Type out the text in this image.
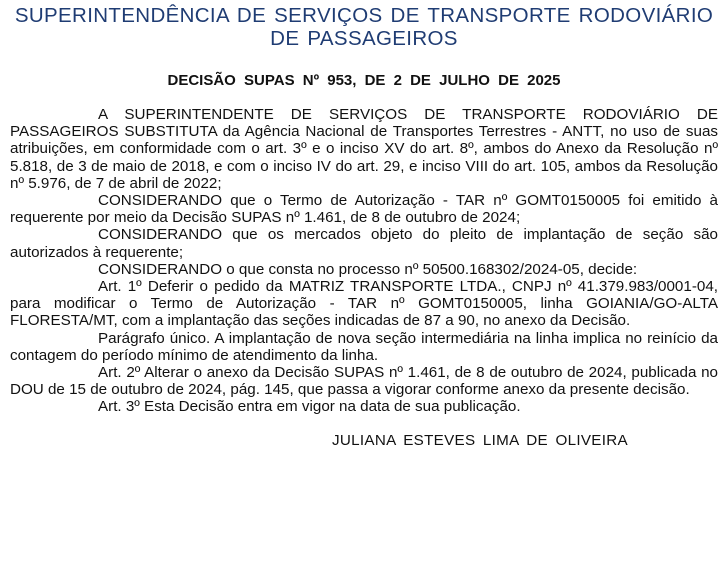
SUPERINTENDÊNCIA DE SERVIÇOS DE TRANSPORTE RODOVIÁRIO DE PASSAGEIROS
DECISÃO SUPAS Nº 953, DE 2 DE JULHO DE 2025

A SUPERINTENDENTE DE SERVIÇOS DE TRANSPORTE RODOVIÁRIO DE PASSAGEIROS SUBSTITUTA da Agência Nacional de Transportes Terrestres - ANTT, no uso de suas atribuições, em conformidade com o art. 3º e o inciso XV do art. 8º, ambos do Anexo da Resolução nº 5.818, de 3 de maio de 2018, e com o inciso IV do art. 29, e inciso VIII do art. 105, ambos da Resolução nº 5.976, de 7 de abril de 2022;

CONSIDERANDO que o Termo de Autorização - TAR nº GOMT0150005 foi emitido à requerente por meio da Decisão SUPAS nº 1.461, de 8 de outubro de 2024;

CONSIDERANDO que os mercados objeto do pleito de implantação de seção são autorizados à requerente;

CONSIDERANDO o que consta no processo nº 50500.168302/2024-05, decide:

Art. 1º Deferir o pedido da MATRIZ TRANSPORTE LTDA., CNPJ nº 41.379.983/0001-04, para modificar o Termo de Autorização - TAR nº GOMT0150005, linha GOIANIA/GO-ALTA FLORESTA/MT, com a implantação das seções indicadas de 87 a 90, no anexo da Decisão.

Parágrafo único. A implantação de nova seção intermediária na linha implica no reinício da contagem do período mínimo de atendimento da linha.

Art. 2º Alterar o anexo da Decisão SUPAS nº 1.461, de 8 de outubro de 2024, publicada no DOU de 15 de outubro de 2024, pág. 145, que passa a vigorar conforme anexo da presente decisão.

Art. 3º Esta Decisão entra em vigor na data de sua publicação.

JULIANA ESTEVES LIMA DE OLIVEIRA
